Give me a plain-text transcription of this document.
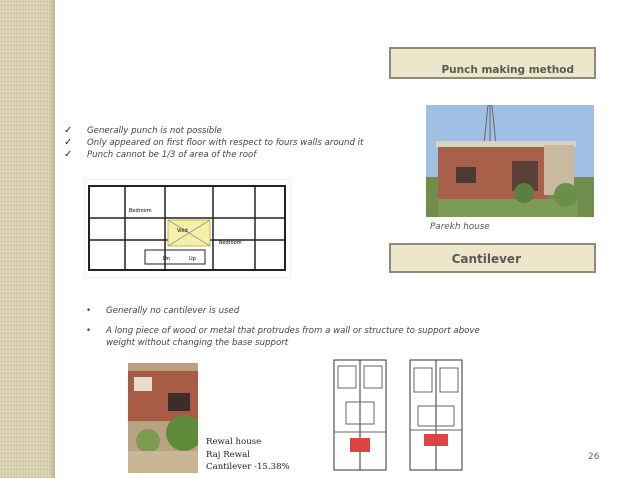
Punch making method
✓ Generally punch is not possible
✓ Only appeared on first floor with respect to fours walls around it
✓ Punch cannot be 1/3 of area of the roof
Parekh house
Bedroom
Void
Bedroom
Dn	Up	Cantilever
• Generally no cantilever is used
• A long piece of wood or metal that protrudes from a wall or structure to support above weight without changing the base support
Rewal house
Raj Rewal
Cantilever -15.38%
26
